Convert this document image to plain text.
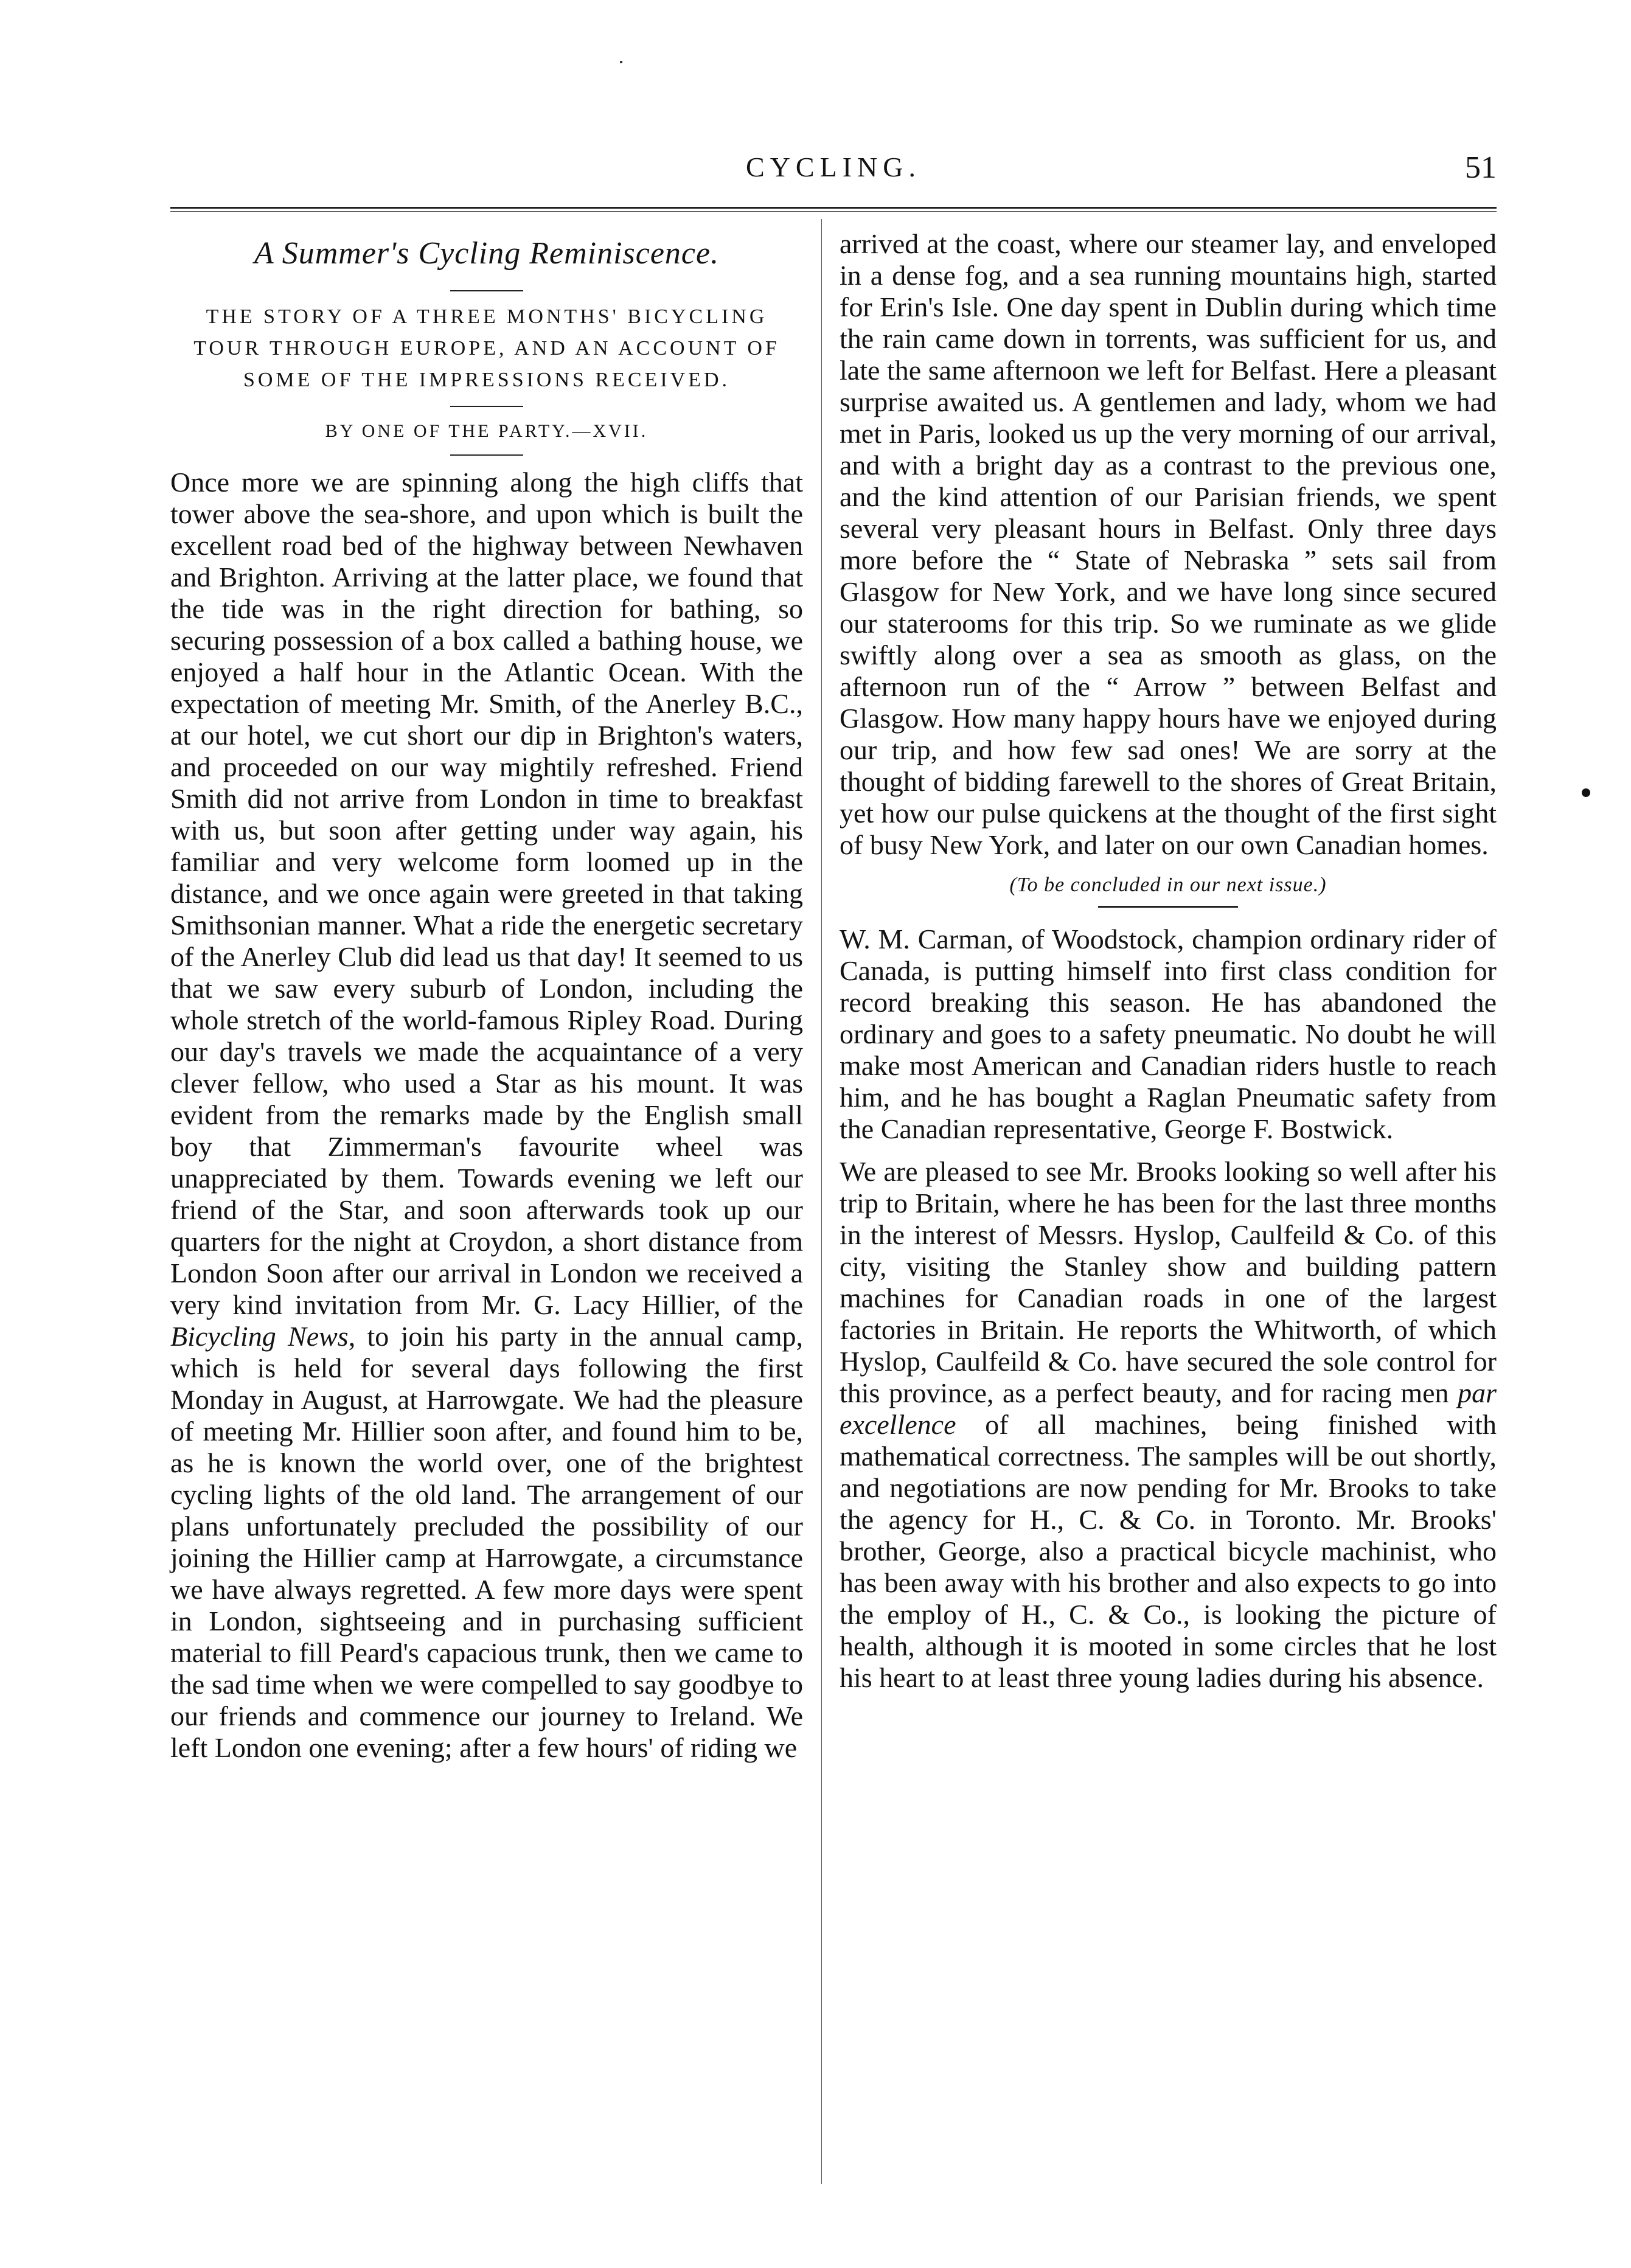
CYCLING.	51
A Summer's Cycling Reminiscence.
THE STORY OF A THREE MONTHS' BICYCLING TOUR THROUGH EUROPE, AND AN ACCOUNT OF SOME OF THE IMPRESSIONS RECEIVED.
BY ONE OF THE PARTY.—XVII.

Once more we are spinning along the high cliffs that tower above the sea-shore, and upon which is built the excellent road bed of the highway between Newhaven and Brighton. Arriving at the latter place, we found that the tide was in the right direction for bathing, so securing possession of a box called a bathing house, we enjoyed a half hour in the Atlantic Ocean. With the expectation of meeting Mr. Smith, of the Anerley B.C., at our hotel, we cut short our dip in Brighton's waters, and proceeded on our way mightily refreshed. Friend Smith did not arrive from London in time to breakfast with us, but soon after getting under way again, his familiar and very welcome form loomed up in the distance, and we once again were greeted in that taking Smithsonian manner. What a ride the energetic secretary of the Anerley Club did lead us that day! It seemed to us that we saw every suburb of London, including the whole stretch of the world-famous Ripley Road. During our day's travels we made the acquaintance of a very clever fellow, who used a Star as his mount. It was evident from the remarks made by the English small boy that Zimmerman's favourite wheel was unappreciated by them. Towards evening we left our friend of the Star, and soon afterwards took up our quarters for the night at Croydon, a short distance from London Soon after our arrival in London we received a very kind invitation from Mr. G. Lacy Hillier, of the Bicycling News, to join his party in the annual camp, which is held for several days following the first Monday in August, at Harrowgate. We had the pleasure of meeting Mr. Hillier soon after, and found him to be, as he is known the world over, one of the brightest cycling lights of the old land. The arrangement of our plans unfortunately precluded the possibility of our joining the Hillier camp at Harrowgate, a circumstance we have always regretted. A few more days were spent in London, sightseeing and in purchasing sufficient material to fill Peard's capacious trunk, then we came to the sad time when we were compelled to say goodbye to our friends and commence our journey to Ireland. We left London one evening; after a few hours' of riding we

arrived at the coast, where our steamer lay, and enveloped in a dense fog, and a sea running mountains high, started for Erin's Isle. One day spent in Dublin during which time the rain came down in torrents, was sufficient for us, and late the same afternoon we left for Belfast. Here a pleasant surprise awaited us. A gentlemen and lady, whom we had met in Paris, looked us up the very morning of our arrival, and with a bright day as a contrast to the previous one, and the kind attention of our Parisian friends, we spent several very pleasant hours in Belfast. Only three days more before the “ State of Nebraska ” sets sail from Glasgow for New York, and we have long since secured our staterooms for this trip. So we ruminate as we glide swiftly along over a sea as smooth as glass, on the afternoon run of the “ Arrow ” between Belfast and Glasgow. How many happy hours have we enjoyed during our trip, and how few sad ones! We are sorry at the thought of bidding farewell to the shores of Great Britain, yet how our pulse quickens at the thought of the first sight of busy New York, and later on our own Canadian homes.

(To be concluded in our next issue.)

W. M. Carman, of Woodstock, champion ordinary rider of Canada, is putting himself into first class condition for record breaking this season. He has abandoned the ordinary and goes to a safety pneumatic. No doubt he will make most American and Canadian riders hustle to reach him, and he has bought a Raglan Pneumatic safety from the Canadian representative, George F. Bostwick.

We are pleased to see Mr. Brooks looking so well after his trip to Britain, where he has been for the last three months in the interest of Messrs. Hyslop, Caulfeild & Co. of this city, visiting the Stanley show and building pattern machines for Canadian roads in one of the largest factories in Britain. He reports the Whitworth, of which Hyslop, Caulfeild & Co. have secured the sole control for this province, as a perfect beauty, and for racing men par excellence of all machines, being finished with mathematical correctness. The samples will be out shortly, and negotiations are now pending for Mr. Brooks to take the agency for H., C. & Co. in Toronto. Mr. Brooks' brother, George, also a practical bicycle machinist, who has been away with his brother and also expects to go into the employ of H., C. & Co., is looking the picture of health, although it is mooted in some circles that he lost his heart to at least three young ladies during his absence.
